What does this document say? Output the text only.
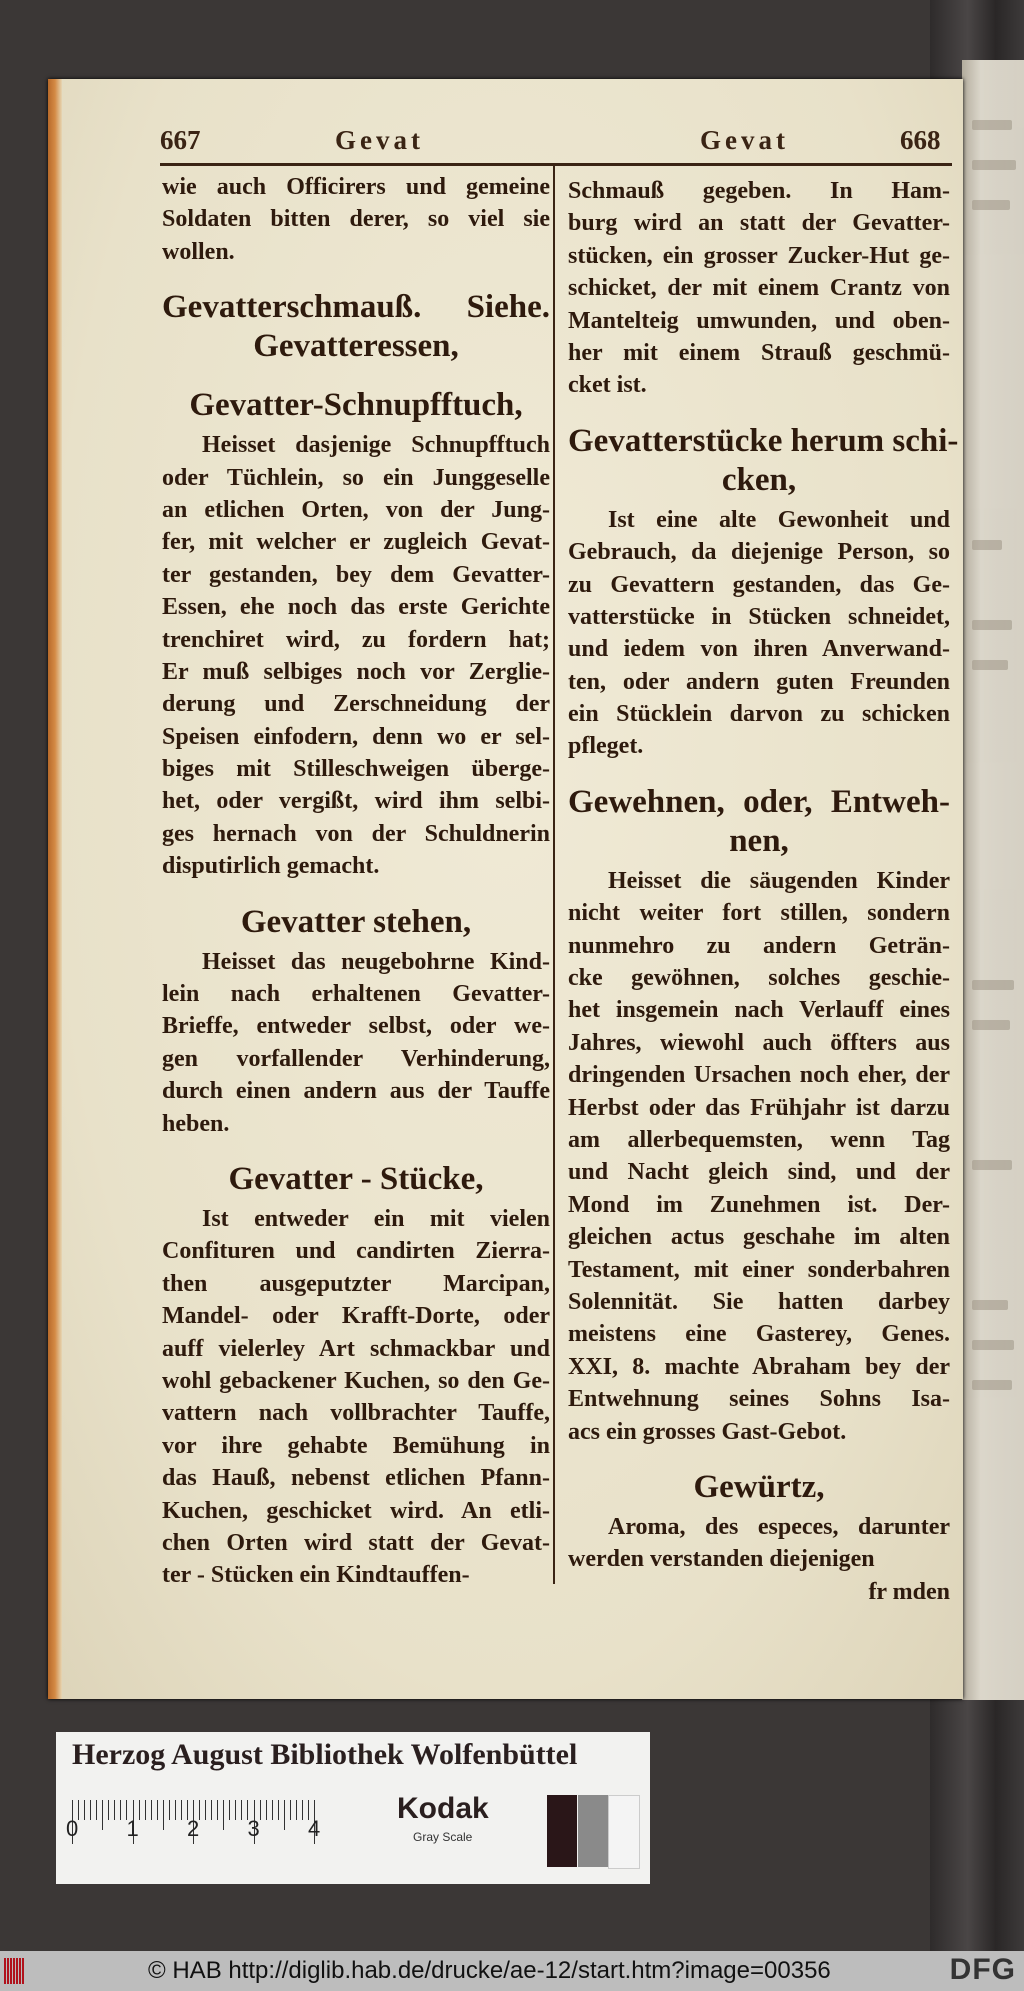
667	Gevat	Gevat	668
wie auch Officirers und gemeine
Soldaten bitten derer, so viel sie
wollen.
Gevatterschmauß. Siehe.
Gevatteressen,
Gevatter-Schnupfftuch,
Heisset dasjenige Schnupfftuch
oder Tüchlein, so ein Junggeselle
an etlichen Orten, von der Jung-
fer, mit welcher er zugleich Gevat-
ter gestanden, bey dem Gevatter-
Essen, ehe noch das erste Gerichte
trenchiret wird, zu fordern hat;
Er muß selbiges noch vor Zerglie-
derung und Zerschneidung der
Speisen einfodern, denn wo er sel-
biges mit Stilleschweigen überge-
het, oder vergißt, wird ihm selbi-
ges hernach von der Schuldnerin
disputirlich gemacht.
Gevatter stehen,
Heisset das neugebohrne Kind-
lein nach erhaltenen Gevatter-
Brieffe, entweder selbst, oder we-
gen vorfallender Verhinderung,
durch einen andern aus der Tauffe
heben.
Gevatter - Stücke,
Ist entweder ein mit vielen
Confituren und candirten Zierra-
then ausgeputzter Marcipan,
Mandel- oder Krafft-Dorte, oder
auff vielerley Art schmackbar und
wohl gebackener Kuchen, so den Ge-
vattern nach vollbrachter Tauffe,
vor ihre gehabte Bemühung in
das Hauß, nebenst etlichen Pfann-
Kuchen, geschicket wird. An etli-
chen Orten wird statt der Gevat-
ter - Stücken ein Kindtauffen-
Schmauß gegeben. In Ham-
burg wird an statt der Gevatter-
stücken, ein grosser Zucker-Hut ge-
schicket, der mit einem Crantz von
Mantelteig umwunden, und oben-
her mit einem Strauß geschmü-
cket ist.
Gevatterstücke herum schi-
cken,
Ist eine alte Gewonheit und
Gebrauch, da diejenige Person, so
zu Gevattern gestanden, das Ge-
vatterstücke in Stücken schneidet,
und iedem von ihren Anverwand-
ten, oder andern guten Freunden
ein Stücklein darvon zu schicken
pfleget.
Gewehnen, oder, Entweh-
nen,
Heisset die säugenden Kinder
nicht weiter fort stillen, sondern
nunmehro zu andern Geträn-
cke gewöhnen, solches geschie-
het insgemein nach Verlauff eines
Jahres, wiewohl auch öffters aus
dringenden Ursachen noch eher, der
Herbst oder das Frühjahr ist darzu
am allerbequemsten, wenn Tag
und Nacht gleich sind, und der
Mond im Zunehmen ist. Der-
gleichen actus geschahe im alten
Testament, mit einer sonderbahren
Solennität. Sie hatten darbey
meistens eine Gasterey, Genes.
XXI, 8. machte Abraham bey der
Entwehnung seines Sohns Isa-
acs ein grosses Gast-Gebot.
Gewürtz,
Aroma, des especes, darunter
werden verstanden diejenigen
fr mden
Herzog August Bibliothek Wolfenbüttel
Kodak
Gray Scale
0 1 2 3 4
© HAB http://diglib.hab.de/drucke/ae-12/start.htm?image=00356	DFG
